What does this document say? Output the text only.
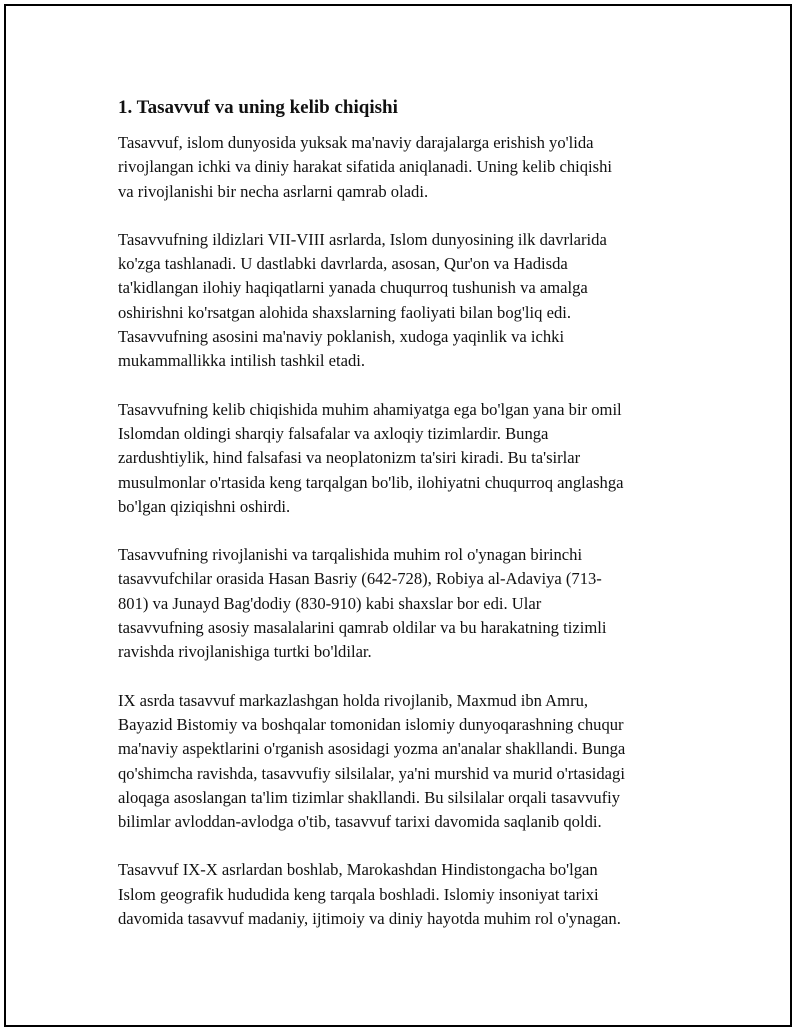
1. Tasavvuf va uning kelib chiqishi

Tasavvuf, islom dunyosida yuksak ma'naviy darajalarga erishish yo'lida
rivojlangan ichki va diniy harakat sifatida aniqlanadi. Uning kelib chiqishi
va rivojlanishi bir necha asrlarni qamrab oladi.

Tasavvufning ildizlari VII-VIII asrlarda, Islom dunyosining ilk davrlarida
ko'zga tashlanadi. U dastlabki davrlarda, asosan, Qur'on va Hadisda
ta'kidlangan ilohiy haqiqatlarni yanada chuqurroq tushunish va amalga
oshirishni ko'rsatgan alohida shaxslarning faoliyati bilan bog'liq edi.
Tasavvufning asosini ma'naviy poklanish, xudoga yaqinlik va ichki
mukammallikka intilish tashkil etadi.

Tasavvufning kelib chiqishida muhim ahamiyatga ega bo'lgan yana bir omil
Islomdan oldingi sharqiy falsafalar va axloqiy tizimlardir. Bunga
zardushtiylik, hind falsafasi va neoplatonizm ta'siri kiradi. Bu ta'sirlar
musulmonlar o'rtasida keng tarqalgan bo'lib, ilohiyatni chuqurroq anglashga
bo'lgan qiziqishni oshirdi.

Tasavvufning rivojlanishi va tarqalishida muhim rol o'ynagan birinchi
tasavvufchilar orasida Hasan Basriy (642-728), Robiya al-Adaviya (713-
801) va Junayd Bag'dodiy (830-910) kabi shaxslar bor edi. Ular
tasavvufning asosiy masalalarini qamrab oldilar va bu harakatning tizimli
ravishda rivojlanishiga turtki bo'ldilar.

IX asrda tasavvuf markazlashgan holda rivojlanib, Maxmud ibn Amru,
Bayazid Bistomiy va boshqalar tomonidan islomiy dunyoqarashning chuqur
ma'naviy aspektlarini o'rganish asosidagi yozma an'analar shakllandi. Bunga
qo'shimcha ravishda, tasavvufiy silsilalar, ya'ni murshid va murid o'rtasidagi
aloqaga asoslangan ta'lim tizimlar shakllandi. Bu silsilalar orqali tasavvufiy
bilimlar avloddan-avlodga o'tib, tasavvuf tarixi davomida saqlanib qoldi.

Tasavvuf IX-X asrlardan boshlab, Marokashdan Hindistongacha bo'lgan
Islom geografik hududida keng tarqala boshladi. Islomiy insoniyat tarixi
davomida tasavvuf madaniy, ijtimoiy va diniy hayotda muhim rol o'ynagan.
